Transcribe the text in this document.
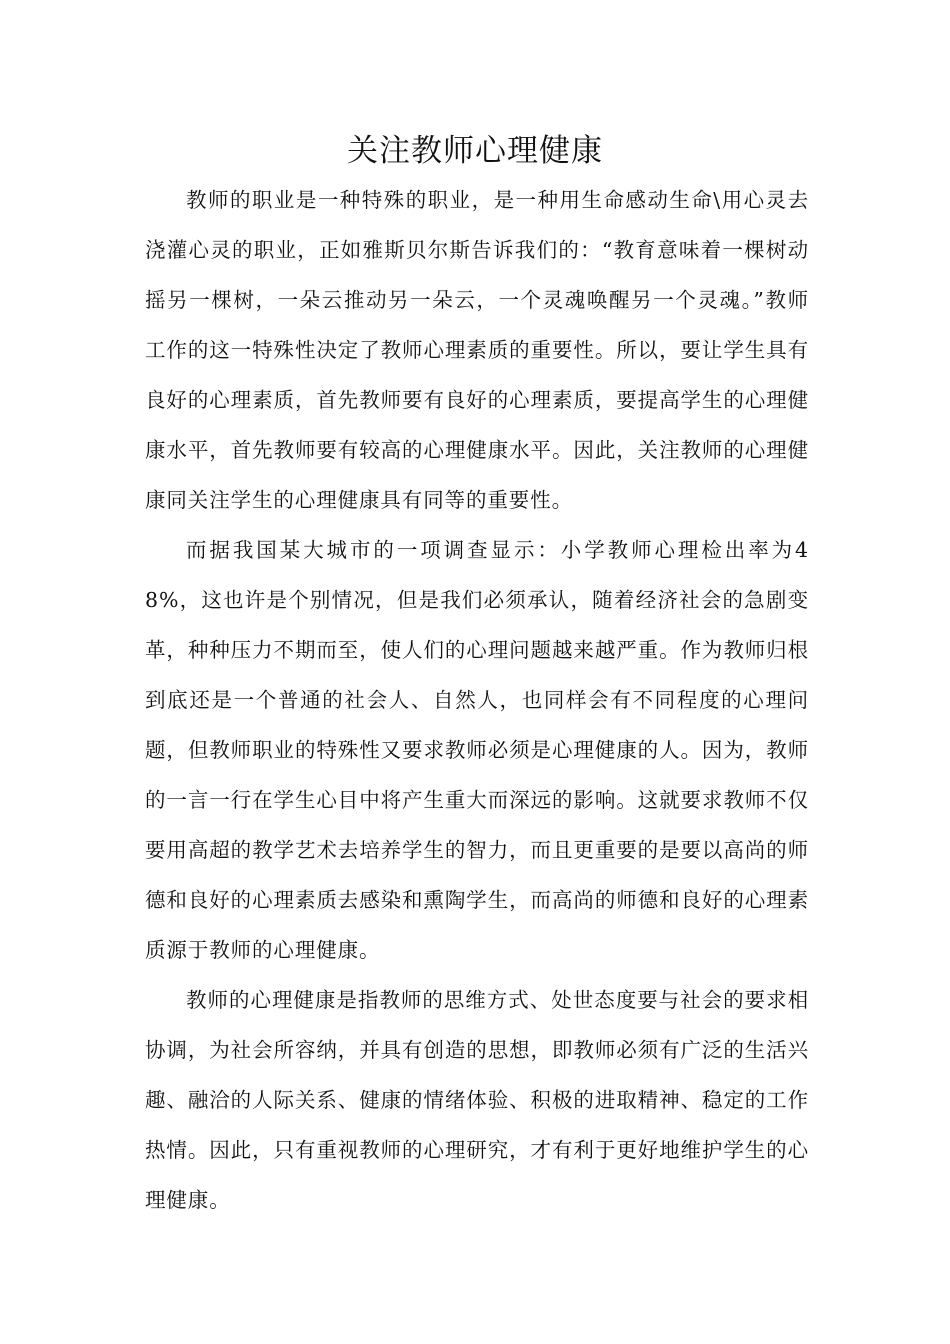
关注教师心理健康

教师的职业是一种特殊的职业，是一种用生命感动生命\用心灵去浇灌心灵的职业，正如雅斯贝尔斯告诉我们的：“教育意味着一棵树动摇另一棵树，一朵云推动另一朵云，一个灵魂唤醒另一个灵魂。”教师工作的这一特殊性决定了教师心理素质的重要性。所以，要让学生具有良好的心理素质，首先教师要有良好的心理素质，要提高学生的心理健康水平，首先教师要有较高的心理健康水平。因此，关注教师的心理健康同关注学生的心理健康具有同等的重要性。

而据我国某大城市的一项调查显示：小学教师心理检出率为48%，这也许是个别情况，但是我们必须承认，随着经济社会的急剧变革，种种压力不期而至，使人们的心理问题越来越严重。作为教师归根到底还是一个普通的社会人、自然人，也同样会有不同程度的心理问题，但教师职业的特殊性又要求教师必须是心理健康的人。因为，教师的一言一行在学生心目中将产生重大而深远的影响。这就要求教师不仅要用高超的教学艺术去培养学生的智力，而且更重要的是要以高尚的师德和良好的心理素质去感染和熏陶学生，而高尚的师德和良好的心理素质源于教师的心理健康。

教师的心理健康是指教师的思维方式、处世态度要与社会的要求相协调，为社会所容纳，并具有创造的思想，即教师必须有广泛的生活兴趣、融洽的人际关系、健康的情绪体验、积极的进取精神、稳定的工作热情。因此，只有重视教师的心理研究，才有利于更好地维护学生的心理健康。
